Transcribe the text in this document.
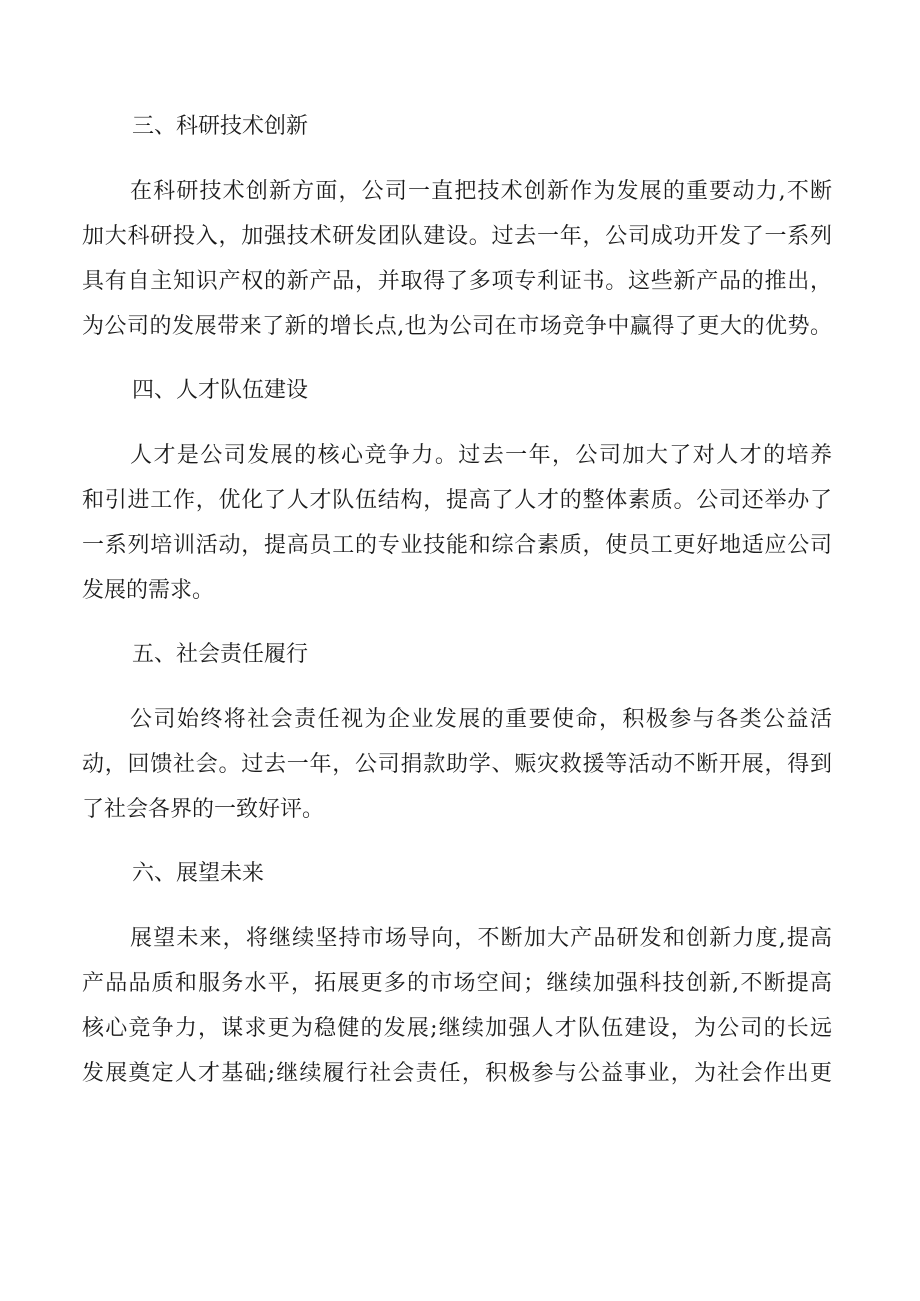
三、科研技术创新
在科研技术创新方面，公司一直把技术创新作为发展的重要动力,不断
加大科研投入，加强技术研发团队建设。过去一年，公司成功开发了一系列
具有自主知识产权的新产品，并取得了多项专利证书。这些新产品的推出，
为公司的发展带来了新的增长点,也为公司在市场竞争中赢得了更大的优势。
四、人才队伍建设
人才是公司发展的核心竞争力。过去一年，公司加大了对人才的培养
和引进工作，优化了人才队伍结构，提高了人才的整体素质。公司还举办了
一系列培训活动，提高员工的专业技能和综合素质，使员工更好地适应公司
发展的需求。
五、社会责任履行
公司始终将社会责任视为企业发展的重要使命，积极参与各类公益活
动，回馈社会。过去一年，公司捐款助学、赈灾救援等活动不断开展，得到
了社会各界的一致好评。
六、展望未来
展望未来，将继续坚持市场导向，不断加大产品研发和创新力度,提高
产品品质和服务水平，拓展更多的市场空间；继续加强科技创新,不断提高
核心竞争力，谋求更为稳健的发展;继续加强人才队伍建设，为公司的长远
发展奠定人才基础;继续履行社会责任，积极参与公益事业，为社会作出更
